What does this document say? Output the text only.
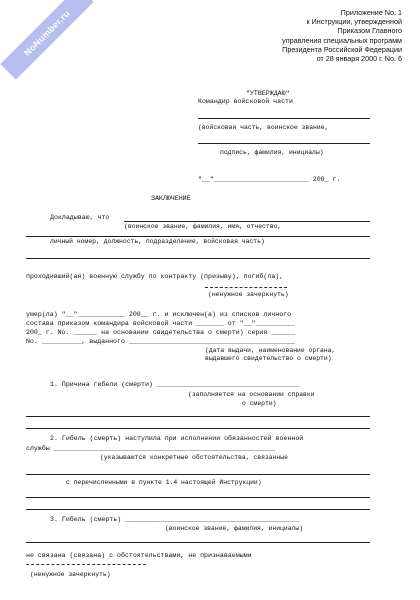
NoNumber.ru	Приложение No. 1
к Инструкции, утвержденной
Приказом Главного
управления специальных программ
Президента Российской Федерации
от 28 января 2000 г. No. 6
"УТВЕРЖДАЮ"
Командир войсковой части
(войсковая часть, воинское звание,
подпись, фамилия, инициалы)
"__"________________________ 200_ г.
ЗАКЛЮЧЕНИЕ
Докладываю, что
(воинское звание, фамилия, имя, отчество,
личный номер, должность, подразделение, войсковая часть)
проходивший(ая) военную службу по контракту (призыву), погиб(ла),
(ненужное зачеркнуть)
умер(ла) "__"____________ 200__ г. и исключен(а) из списков личного
состава приказом командира войсковой части _______ от "__"__________
200_ г. No. ______ на основании свидетельства о смерти) серия ______
No. __________, выданного __________________________________________
(дата выдачи, наименование органа,
выдавшего свидетельство о смерти)
1. Причина гибели (смерти) ____________________________________
(заполняется на основании справки
о смерти)
2. Гибель (смерть) наступила при исполнении обязанностей военной
службы ________________________________________________________
(указываются конкретные обстоятельства, связанные
с перечисленными в пункте 1.4 настоящей Инструкции)
3. Гибель (смерть) ____________________________________________
(воинское звание, фамилия, инициалы)
не связана (связана) с обстоятельствами, не признаваемыми
(ненужное зачеркнуть)
